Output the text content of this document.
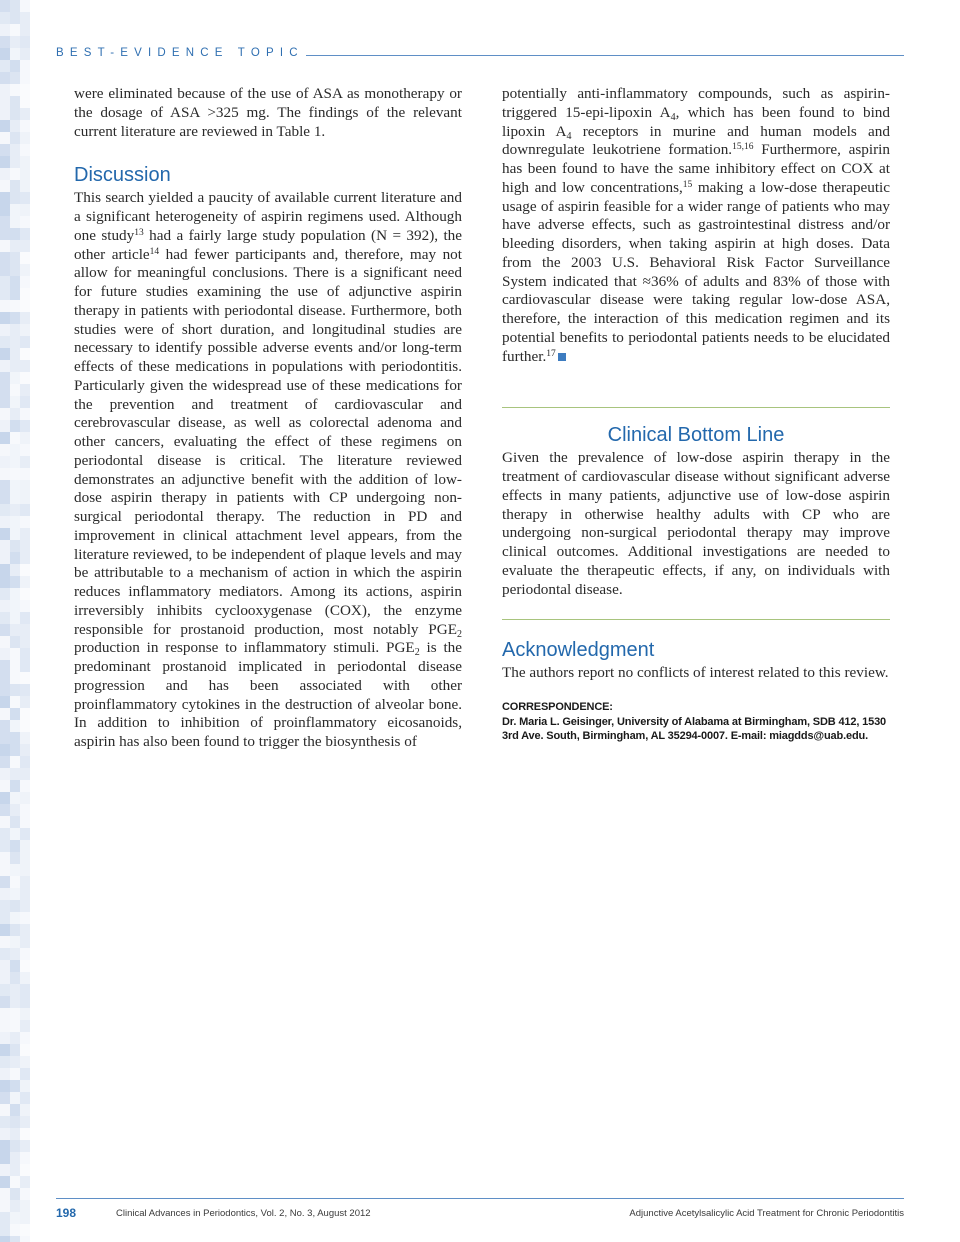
BEST-EVIDENCE TOPIC

were eliminated because of the use of ASA as monotherapy or the dosage of ASA >325 mg. The findings of the relevant current literature are reviewed in Table 1.

Discussion

This search yielded a paucity of available current literature and a significant heterogeneity of aspirin regimens used. Although one study$^{13}$ had a fairly large study population (N = 392), the other article$^{14}$ had fewer participants and, therefore, may not allow for meaningful conclusions. There is a significant need for future studies examining the use of adjunctive aspirin therapy in patients with periodontal disease. Furthermore, both studies were of short duration, and longitudinal studies are necessary to identify possible adverse events and/or long-term effects of these medications in populations with periodontitis. Particularly given the widespread use of these medications for the prevention and treatment of cardiovascular and cerebrovascular disease, as well as colorectal adenoma and other cancers, evaluating the effect of these regimens on periodontal disease is critical. The literature reviewed demonstrates an adjunctive benefit with the addition of low-dose aspirin therapy in patients with CP undergoing non-surgical periodontal therapy. The reduction in PD and improvement in clinical attachment level appears, from the literature reviewed, to be independent of plaque levels and may be attributable to a mechanism of action in which the aspirin reduces inflammatory mediators. Among its actions, aspirin irreversibly inhibits cyclooxygenase (COX), the enzyme responsible for prostanoid production, most notably $PGE_2$ production in response to inflammatory stimuli. $PGE_2$ is the predominant prostanoid implicated in periodontal disease progression and has been associated with other proinflammatory cytokines in the destruction of alveolar bone. In addition to inhibition of proinflammatory eicosanoids, aspirin has also been found to trigger the biosynthesis of

potentially anti-inflammatory compounds, such as aspirin-triggered 15-epi-lipoxin $A_4$, which has been found to bind lipoxin $A_4$ receptors in murine and human models and downregulate leukotriene formation.$^{15,16}$ Furthermore, aspirin has been found to have the same inhibitory effect on COX at high and low concentrations,$^{15}$ making a low-dose therapeutic usage of aspirin feasible for a wider range of patients who may have adverse effects, such as gastrointestinal distress and/or bleeding disorders, when taking aspirin at high doses. Data from the 2003 U.S. Behavioral Risk Factor Surveillance System indicated that ≈36% of adults and 83% of those with cardiovascular disease were taking regular low-dose ASA, therefore, the interaction of this medication regimen and its potential benefits to periodontal patients needs to be elucidated further.$^{17}$

Clinical Bottom Line

Given the prevalence of low-dose aspirin therapy in the treatment of cardiovascular disease without significant adverse effects in many patients, adjunctive use of low-dose aspirin therapy in otherwise healthy adults with CP who are undergoing non-surgical periodontal therapy may improve clinical outcomes. Additional investigations are needed to evaluate the therapeutic effects, if any, on individuals with periodontal disease.

Acknowledgment

The authors report no conflicts of interest related to this review.

CORRESPONDENCE:
Dr. Maria L. Geisinger, University of Alabama at Birmingham, SDB 412, 1530 3rd Ave. South, Birmingham, AL 35294-0007. E-mail: miagdds@uab.edu.
198	Clinical Advances in Periodontics, Vol. 2, No. 3, August 2012	Adjunctive Acetylsalicylic Acid Treatment for Chronic Periodontitis
